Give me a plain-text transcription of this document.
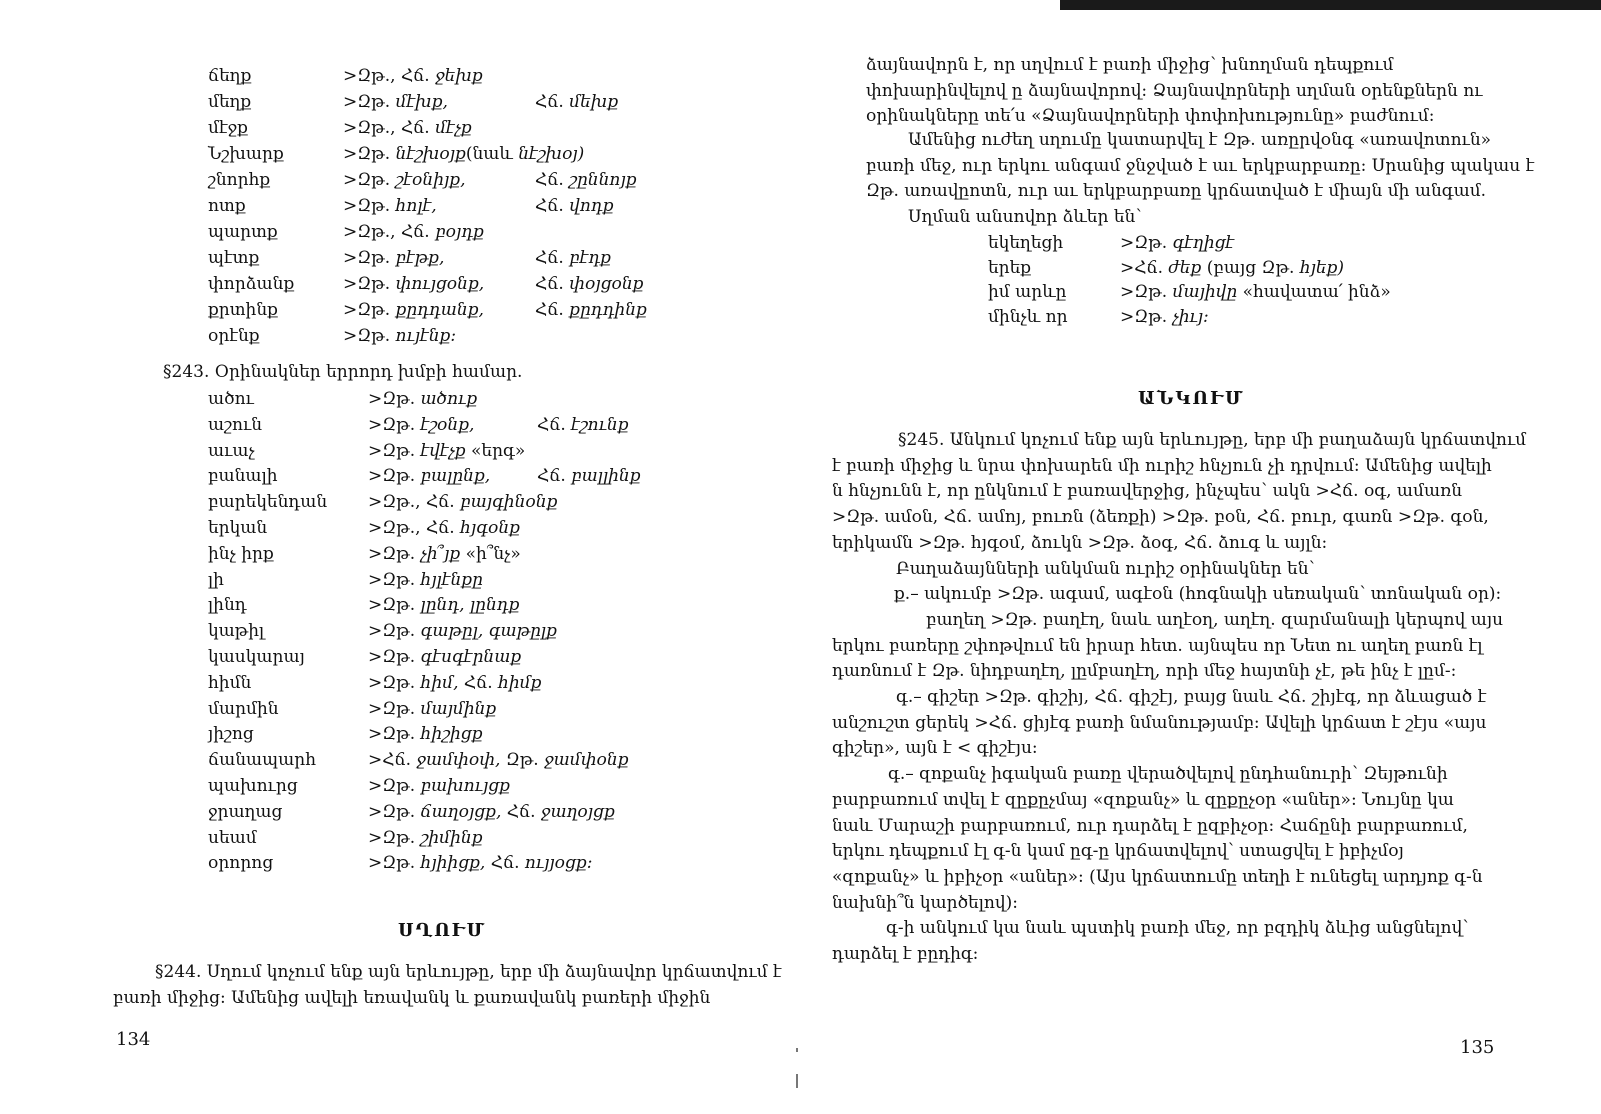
ճեղք	>Զթ., Հճ. ջեխք
մեղք	>Զթ. մէխք,	Հճ. մեխք
մէջք	>Զթ., Հճ. մէչք
Նշխարք	>Զթ. նէշխօյք(նաև նէշխօյ)
շնորհք	>Զթ. շէօնիյք,	Հճ. շըննոյք
ոտք	>Զթ. հոլէ,	Հճ. վոդք
պարտք	>Զթ., Հճ. բօյդք
պէտք	>Զթ. բէթք,	Հճ. բէդք
փորձանք	>Զթ. փույցօնք,	Հճ. փօյցօնք
քրտինք	>Զթ. քըդդանք,	Հճ. քըդդինք
օրէնք	>Զթ. ույէնք:
§243. Օրինակներ երրորդ խմբի համար.
ածու	>Զթ. ածուք
աշուն	>Զթ. էշօնք,	Հճ. էշունք
աւաչ	>Զթ. էվէչք «երգ»
բանալի	>Զթ. բալընք,	Հճ. բալլինք
բարեկենդան >Զթ., Հճ. բայգինօնք
երկան	>Զթ., Հճ. հյգօնք
ինչ իրք	>Զթ. չի՞յք «ի՞նչ»
լի	>Զթ. հյլէնքը
լինդ	>Զթ. լընդ, լընդք
կաթիլ	>Զթ. գաթըլ, գաթըլք
կասկարայ	>Զթ. գէսգէրնաք
հիմն	>Զթ. հիմ, Հճ. հիմք
մարմին	>Զթ. մայմինք
յիշոց	>Զթ. հիշիցք
ճանապարհ	>Հճ. ջամփօփ, Զթ. ջամփօնք
պախուրց	>Զթ. բախույցք
ջրաղաց	>Զթ. ճաղօյցք, Հճ. ջաղօյցք
սեամ	>Զթ. շիմինք
օրորոց	>Զթ. հյիիցք, Հճ. ույյօցք:
ՍՂՈՒՄ
§244. Սղում կոչում ենք այն երևույթը, երբ մի ձայնավոր կրճատվում է
բառի միջից: Ամենից ավելի եռավանկ և քառավանկ բառերի միջին
134
ձայնավորն է, որ սղվում է բառի միջից՝ խնողման դեպքում
փոխարինվելով ը ձայնավորով: Ձայնավորների սղման օրենքներն ու
օրինակները տե՛ս «Ձայնավորների փոփոխությունը» բաժնում:
Ամենից ուժեղ սղումը կատարվել է Զթ. առըրվօնգ «առավոտուն»
բառի մեջ, ուր երկու անգամ ջնջված է աւ երկբարբառը: Սրանից պակաս է
Զթ. առավըոտն, ուր աւ երկբարբառը կրճատված է միայն մի անգամ.
Սղման անսովոր ձևեր են՝
եկեղեցի	>Զթ. գէղիցէ
երեք	>Հճ. ժեք (բայց Զթ. հյեք)
իմ արևը	>Զթ. մայիվը «հավատա՛ ինձ»
մինչև որ	>Զթ. չիւյ:
ԱՆԿՈՒՄ
§245. Անկում կոչում ենք այն երևույթը, երբ մի բաղաձայն կրճատվում
է բառի միջից և նրա փոխարեն մի ուրիշ հնչյուն չի դրվում: Ամենից ավելի
ն հնչյունն է, որ ընկնում է բառավերջից, ինչպես՝ ակն >Հճ. օգ, ամառն
>Զթ. ամօն, Հճ. ամոյ, բուռն (ձեռքի) >Զթ. բօն, Հճ. բուր, գառն >Զթ. գօն,
երիկամն >Զթ. հյգօմ, ձուկն >Զթ. ձօգ, Հճ. ձուգ և այլն:
Բաղաձայնների անկման ուրիշ օրինակներ են՝
ք.– ակումբ >Զթ. ագամ, ագէօն (հոգնակի սեռական՝ տոնական օր):
բաղեղ >Զթ. բաղէղ, նաև աղէօղ, աղէղ. զարմանալի կերպով այս
երկու բառերը շփոթվում են իրար հետ. այնպես որ Նետ ու աղեղ բառն էլ
դառնում է Զթ. նիդբաղէղ, լըմբաղէղ, որի մեջ հայտնի չէ, թե ինչ է լըմ-:
գ.– գիշեր >Զթ. գիշիյ, Հճ. գիշէյ, բայց նաև Հճ. շիյէգ, որ ձևացած է
անշուշտ ցերեկ >Հճ. ցիյէգ բառի նմանությամբ: Ավելի կրճատ է շէյս «այս
գիշեր», այն է < գիշէյս:
գ.– զոքանչ իգական բառը վերածվելով ընդհանուրի՝ Զեյթունի
բարբառում տվել է զըքըչմայ «զոքանչ» և զըքըչօր «աներ»: Նույնը կա
նաև Մարաշի բարբառում, ուր դարձել է ըզբիչօր: Հաճընի բարբառում,
երկու դեպքում էլ գ-ն կամ ըգ-ը կրճատվելով՝ ստացվել է իբիչմօյ
«զոքանչ» և իբիչօր «աներ»: (Այս կրճատումը տեղի է ունեցել արդյոք գ-ն
նախնի՞ն կարծելով):
գ-ի անկում կա նաև պստիկ բառի մեջ, որ բզդիկ ձևից անցնելով՝
դարձել է բըդիգ:
135
